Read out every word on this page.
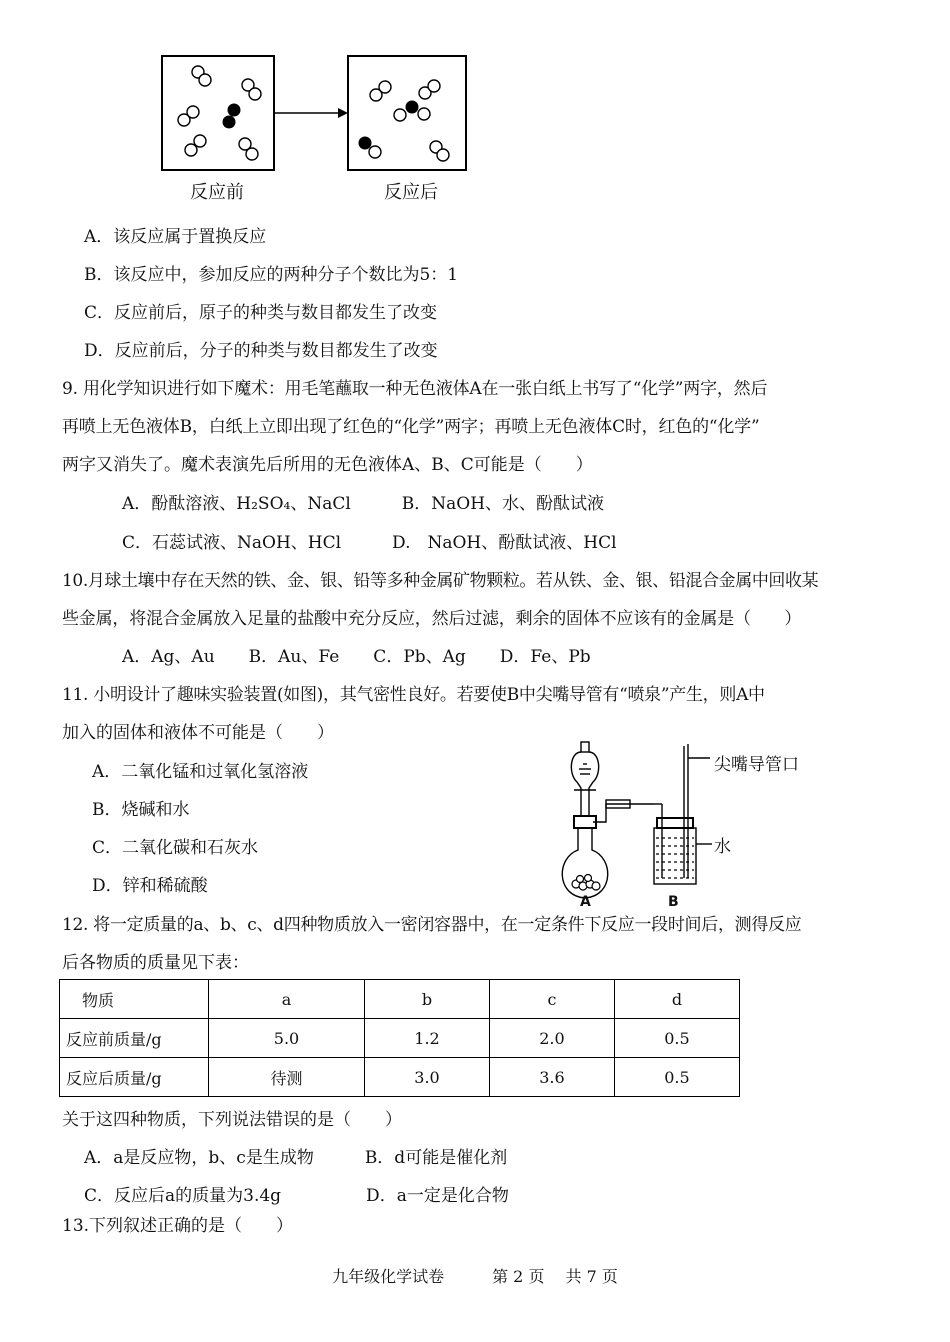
反应前	反应后
A．该反应属于置换反应
B．该反应中，参加反应的两种分子个数比为5：1
C．反应前后，原子的种类与数目都发生了改变
D．反应前后，分子的种类与数目都发生了改变
9. 用化学知识进行如下魔术：用毛笔蘸取一种无色液体A在一张白纸上书写了“化学”两字，然后
再喷上无色液体B，白纸上立即出现了红色的“化学”两字；再喷上无色液体C时，红色的“化学”
两字又消失了。魔术表演先后所用的无色液体A、B、C可能是（　　）
A．酚酞溶液、H₂SO₄、NaCl　　　B．NaOH、水、酚酞试液
C．石蕊试液、NaOH、HCl　　　D.　NaOH、酚酞试液、HCl
10.月球土壤中存在天然的铁、金、银、铅等多种金属矿物颗粒。若从铁、金、银、铅混合金属中回收某
些金属，将混合金属放入足量的盐酸中充分反应，然后过滤，剩余的固体不应该有的金属是（　　）
A．Ag、Au　　B．Au、Fe　　C．Pb、Ag　　D．Fe、Pb
11. 小明设计了趣味实验装置(如图)，其气密性良好。若要使B中尖嘴导管有“喷泉”产生，则A中
加入的固体和液体不可能是（　　）
A．二氧化锰和过氧化氢溶液
B．烧碱和水
C．二氧化碳和石灰水
D．锌和稀硫酸
尖嘴导管口
水
A	B
12. 将一定质量的a、b、c、d四种物质放入一密闭容器中，在一定条件下反应一段时间后，测得反应
后各物质的质量见下表：
物质	a	b	c	d
反应前质量/g	5.0	1.2	2.0	0.5
反应后质量/g	待测	3.0	3.6	0.5
关于这四种物质，下列说法错误的是（　　）
A．a是反应物，b、c是生成物　　　B．d可能是催化剂
C．反应后a的质量为3.4g　　　　　D．a一定是化合物
13.下列叙述正确的是（　　）
九年级化学试卷　　　第 2 页　 共 7 页
